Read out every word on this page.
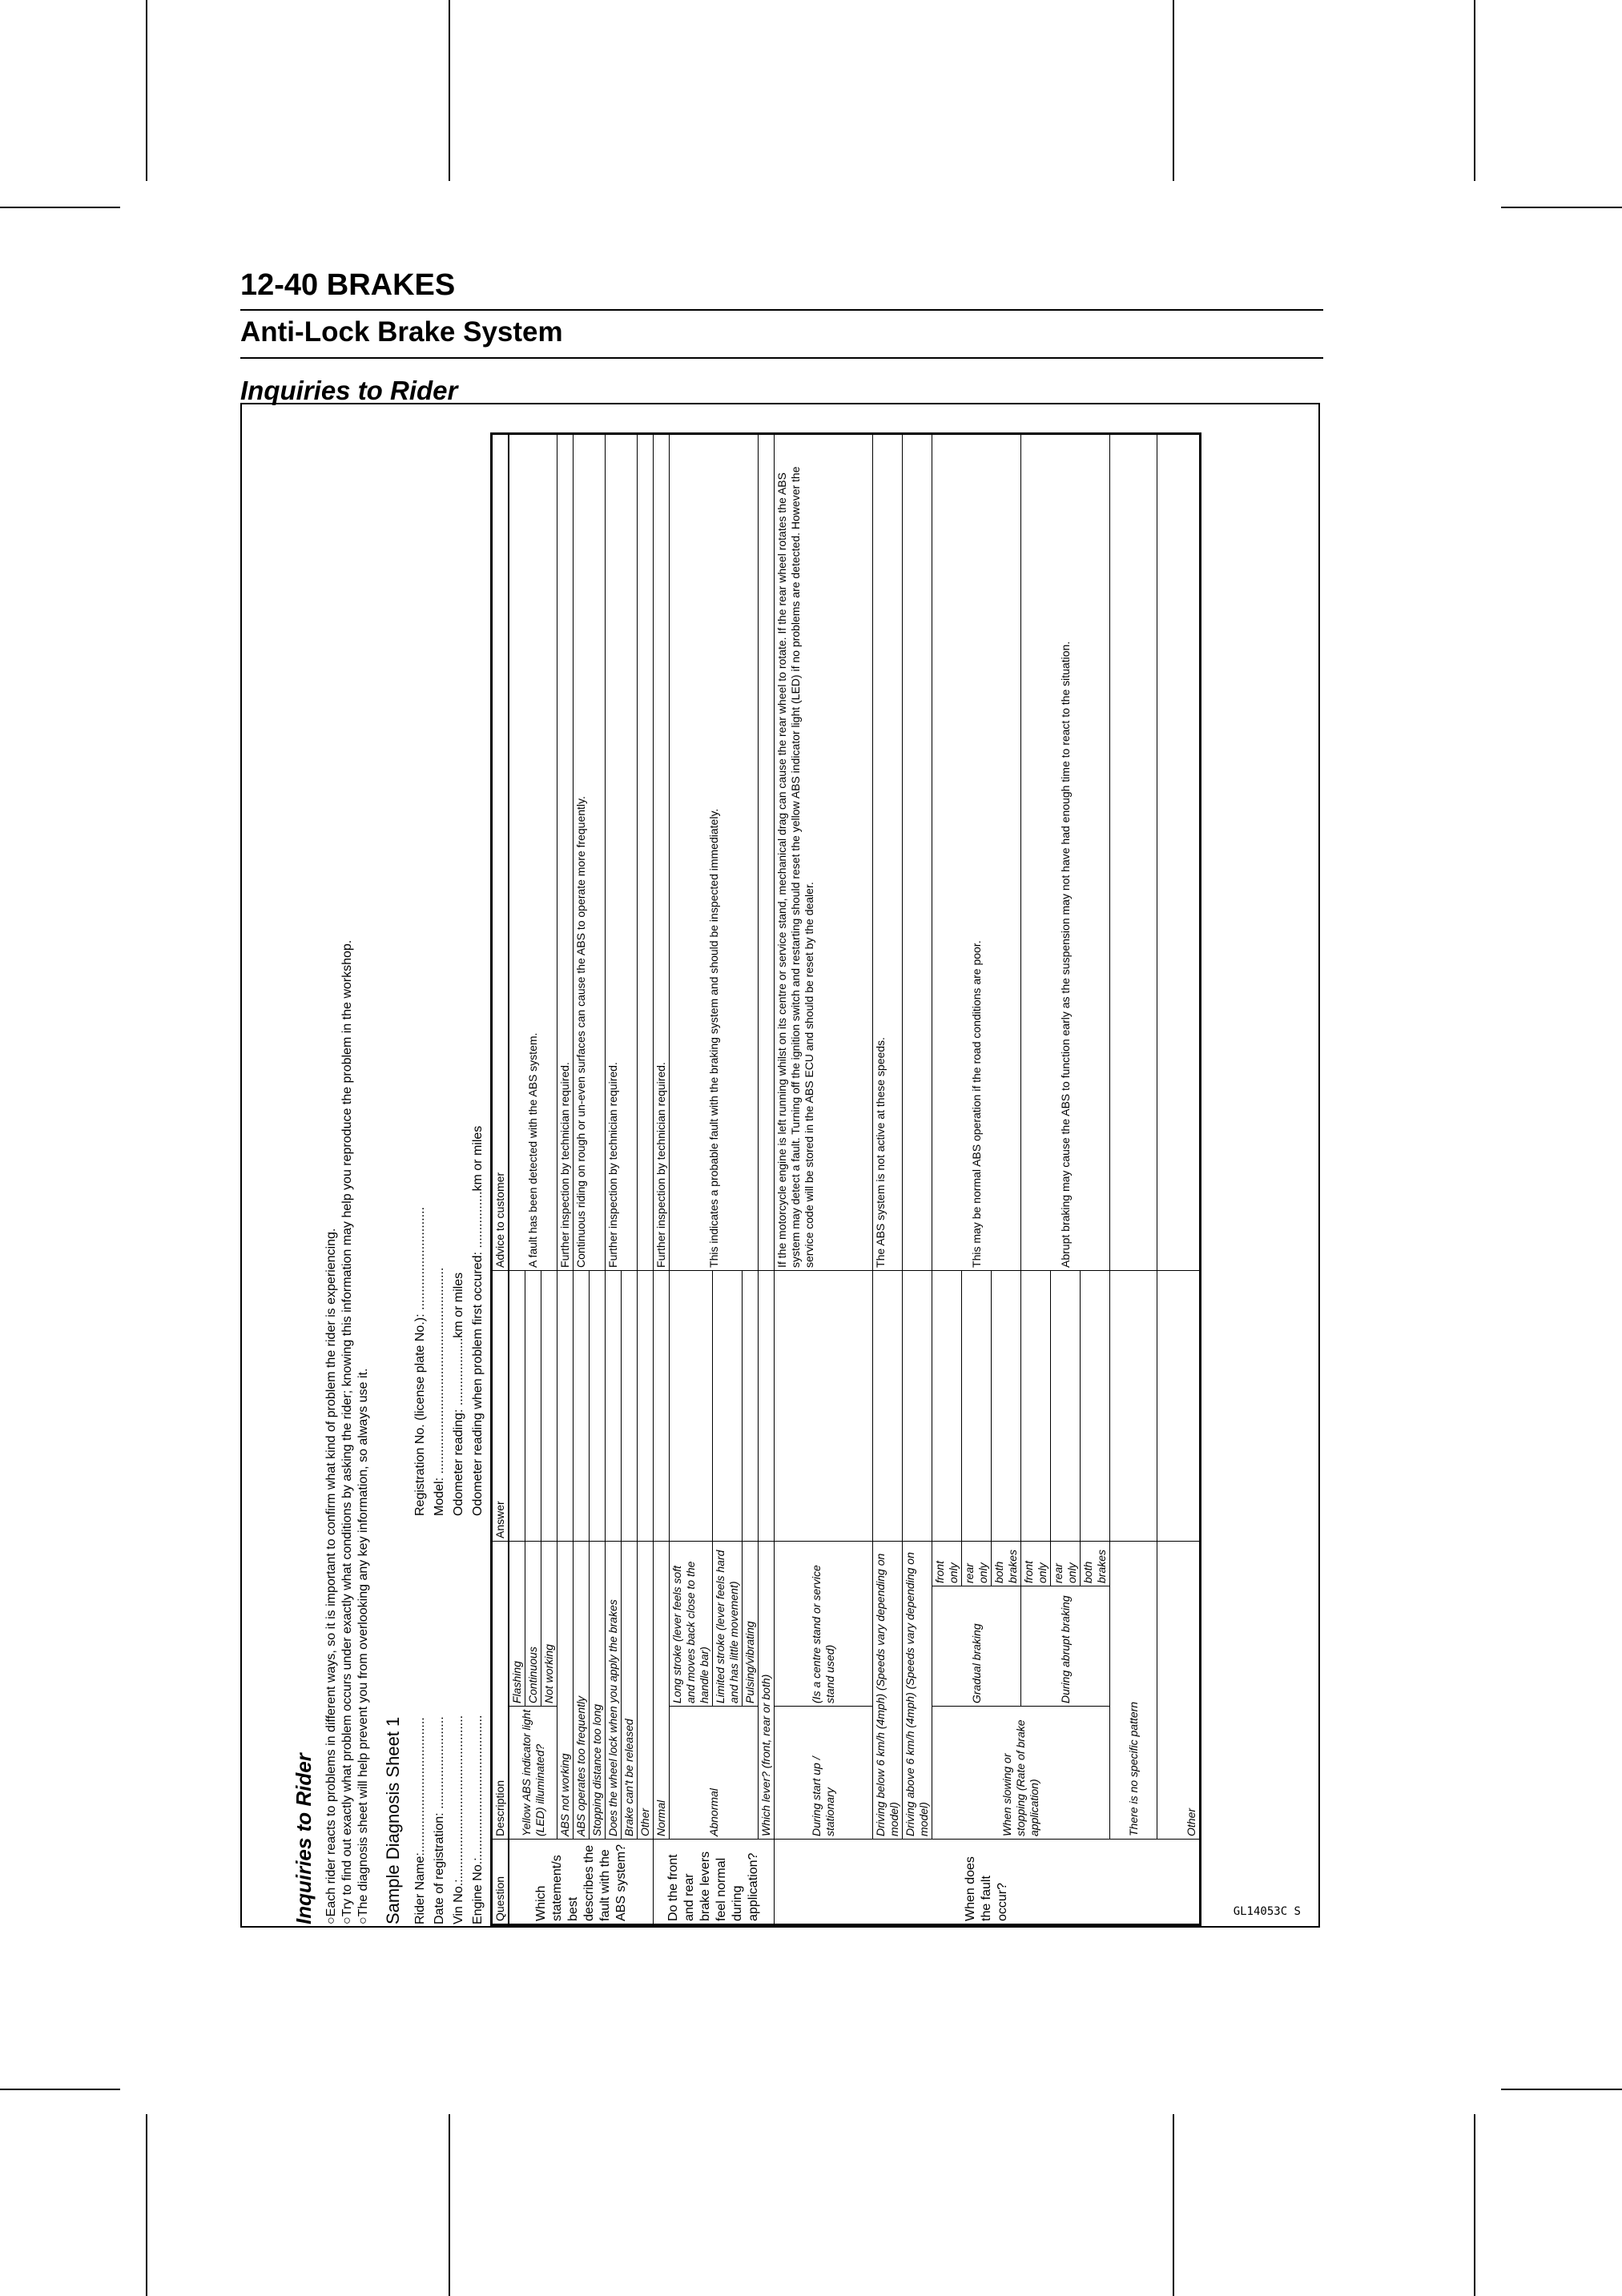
12-40 BRAKES
Anti-Lock Brake System
Inquiries to Rider
Inquiries to Rider ○Each rider reacts to problems in different ways, so it is important to confirm what kind of problem the rider is experiencing. ○Try to find out exactly what problem occurs under exactly what conditions by asking the rider; knowing this information may help you reproduce the problem in the workshop. ○The diagnosis sheet will help prevent you from overlooking any key information, so always use it. Sample Diagnosis Sheet 1 Rider Name:...................................... Date of registration: .......................... Vin No.:.............................................. Engine No.:........................................
Registration No. (license plate No.): ............................. Model: .......................................................... Odometer reading: ...................km or miles Odometer reading when problem first occured: ................km or miles
Question	Description			Answer	Advice to customer
Which statement/s best describes the fault with the ABS system?	Yellow ABS indicator light (LED) illuminated?	Flashing			A fault has been detected with the ABS system.
		Continuous			
		Not working			
	ABS not working				Further inspection by technician required.
	ABS operates too frequently				Continuous riding on rough or un-even surfaces can cause the ABS to operate more frequently.
	Stopping distance too long				
	Does the wheel lock when you apply the brakes				Further inspection by technician required.
	Brake can't be released				
	Other				

Do the front and rear brake levers feel normal during application?	Normal				Further inspection by technician required.
	Abnormal	Long stroke (lever feels soft and moves back close to the handle bar)			This indicates a probable fault with the braking system and should be inspected immediately.
		Limited stroke (lever feels hard and has little movement)			
		Pulsing/vibrating			
	Which lever? (front, rear or both)				

When does the fault occur?	During start up / stationary	(Is a centre stand or service stand used)			If the motorcycle engine is left running whilst on its centre or service stand, mechanical drag can cause the rear wheel to rotate. If the rear wheel rotates the ABS system may detect a fault. Turning off the ignition switch and restarting should reset the yellow ABS indicator light (LED) if no problems are detected. However the service code will be stored in the ABS ECU and should be reset by the dealer.
	Driving below 6 km/h (4mph) (Speeds vary depending on model)				The ABS system is not active at these speeds.
	Driving above 6 km/h (4mph) (Speeds vary depending on model)				
	When slowing or stopping (Rate of brake application)	Gradual braking	front only		This may be normal ABS operation if the road conditions are poor.
			rear only		
			both brakes		
		During abrupt braking	front only		Abrupt braking may cause the ABS to function early as the suspension may not have had enough time to react to the situation.
			rear only		
			both brakes		
	There is no specific pattern				
	Other				

GL14053C S
